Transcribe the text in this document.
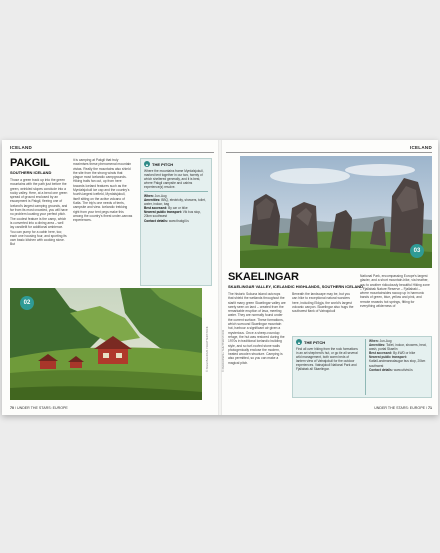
ICELAND
PAKGIL
SOUTHERN ICELAND
Those a green track up into the green mountains with the path just before the green, wrinkled slopes conclude into a rocky valley. Here, at a bend one green spread of ground enclosed by an escarpment is Pakgil, fleeing one of Iceland's largest camping grounds, and far from its most crowded, you will have no problem locating your perfect pitch. The coolest feature is the camp, which is converted into a dining area – well lay candlelit for additional ambience. You can pump for a cabin here, too; each one housing four, and sporting its own basic kitchen with cooking stove. But
it is camping at Pakgil that truly maximises these phenomenal mountain vistas. Really the mountains also shield the site from the strong winds that plague most Icelandic campgrounds. Hiking trails fan out, up from here towards Iceland features such as the Myrdalsjokull ice cap and the country's fourth-largest icefield, Myrdalsjokull, itself sitting on the active volcano of Katla. The trip's one needs of tents, campsite and view. Icelandic trekking right from your tent pegs make this among the country's finest under-canvas experiences.
▲ THE PITCH
Where the mountains frame Myrdalsjokull, marked tent together in our two, twenty of which sheltered generally, and it is best, where Pakgil campsite and cabins experience(s) resolve.
When: Jun-Aug
Amenities: BBQ, electricity, showers, toilet, water, indoor, bag
Best accessed: By car or bike
Nearest public transport: Vik bus stop, 20km southwest
Contact details: www.thakgil.is
02
© SIGGI BAJJOUS / SHUTTERSTOCK
70 / UNDER THE STARS: EUROPE
ICELAND
03
SKAELINGAR
SKAELINGAR VALLEY, ICELANDIC HIGHLANDS, SOUTHERN ICELAND
The historic Sukuna island outcrops that shield the wetlands throughout the starlit many green Skaelingar valley are rarely seen on land – created from the remarkable eruption of lava, meeting water. They are normally found under the current surface. These formations, which surround Skaelingar mountain hut, harbour a significant air given a mysterious. Once a sheep-roundup refuge, the hut was restored during the 1970s in traditional Icelandic building style, and so turf-roofed stone walls photogenically enclose the modern, heated wooden structure. Camping is also permitted, so you can make a magical pitch.
Beneath the landscape may be, but you can hike to exceptional natural wonders here, including Eldgja, the world's largest volcanic canyon. Skaelingar also hugs the southwest flank of Vatnajokull
National Park, encompassing Europe's largest glacier, and a short mountain-hike, via heather, you to another ridiculously beautiful Hiking zone – Fjallabak Nature Reserve – Fjallabaki – where mountainsides swoop up in harmonic bands of green, blue, yellow and pink, and remote rewards hot springs, fitting for everything wilderness of
▲ THE PITCH
Find all over hiking from the rock formations in an art shepherd's hut, or go tie all several wild management, both warm beds of lantern view of Vatnajokull for the outdoor experiences. Vatnajokull National Park and Fjallabak all Skaelingar.
When: Jun-Aug
Amenities: Toilet, indoor, showers, heat, wash, portal Skaelin
Best accessed: By 4WD or bike
Nearest public transport: Katla/Landmannalaugar bus stop, 20km southwest
Contact details: www.utivist.is
© PEDROPEPE / SHUTTERSTOCK
UNDER THE STARS: EUROPE / 71
